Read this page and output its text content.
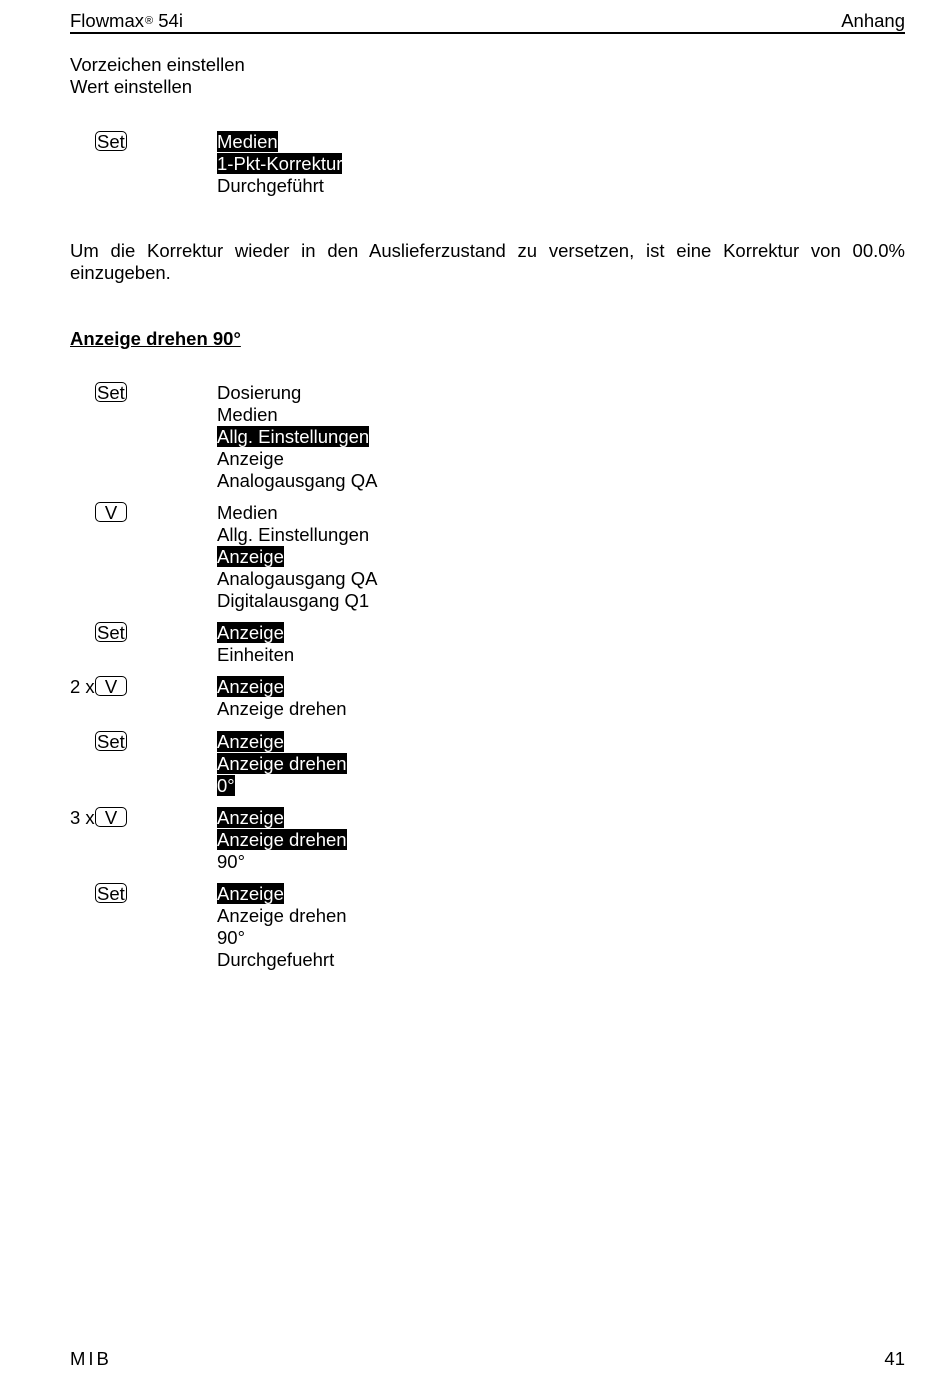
Flowmax® 54i	Anhang
Vorzeichen einstellen
Wert einstellen
Set	Medien
1-Pkt-Korrektur
Durchgeführt
Um die Korrektur wieder in den Auslieferzustand zu versetzen, ist eine Korrektur von 00.0% einzugeben.
Anzeige drehen 90°
Set	Dosierung
Medien
Allg. Einstellungen
Anzeige
Analogausgang QA
V	Medien
Allg. Einstellungen
Anzeige
Analogausgang QA
Digitalausgang Q1
Set	Anzeige
Einheiten
2 x V	Anzeige
Anzeige drehen
Set	Anzeige
Anzeige drehen
0°
3 x V	Anzeige
Anzeige drehen
90°
Set	Anzeige
Anzeige drehen
90°
Durchgefuehrt
MIB	41
